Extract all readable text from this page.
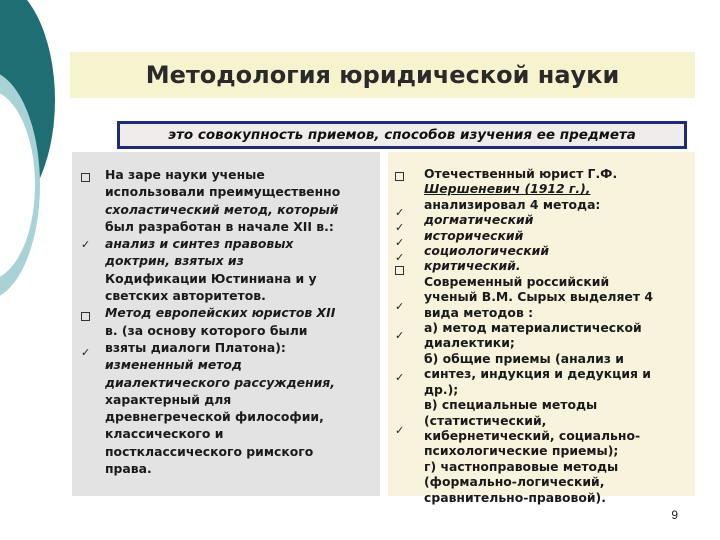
Методология юридической науки
это совокупность приемов, способов изучения ее предмета
✓
✓
✓
✓
✓
✓
✓
✓
✓
✓
На заре науки ученые
использовали преимущественно
схоластический метод, который
был разработан в начале XII в.:
анализ и синтез правовых
доктрин, взятых из
Кодификации Юстиниана и у
светских авторитетов.
Метод европейских юристов XII
в. (за основу которого были
взяты диалоги Платона):
измененный метод
диалектического рассуждения,
характерный для
древнегреческой философии,
классического и
постклассического римского
права.
Отечественный юрист Г.Ф.
Шершеневич (1912 г.),
анализировал 4 метода:
догматический
исторический
социологический
критический.
Современный российский
ученый В.М. Сырых выделяет 4
вида методов :
а) метод материалистической
диалектики;
б) общие приемы (анализ и
синтез, индукция и дедукция и
др.);
в) специальные методы
(статистический,
кибернетический, социально-
психологические приемы);
г) частноправовые методы
(формально-логический,
сравнительно-правовой).
9
